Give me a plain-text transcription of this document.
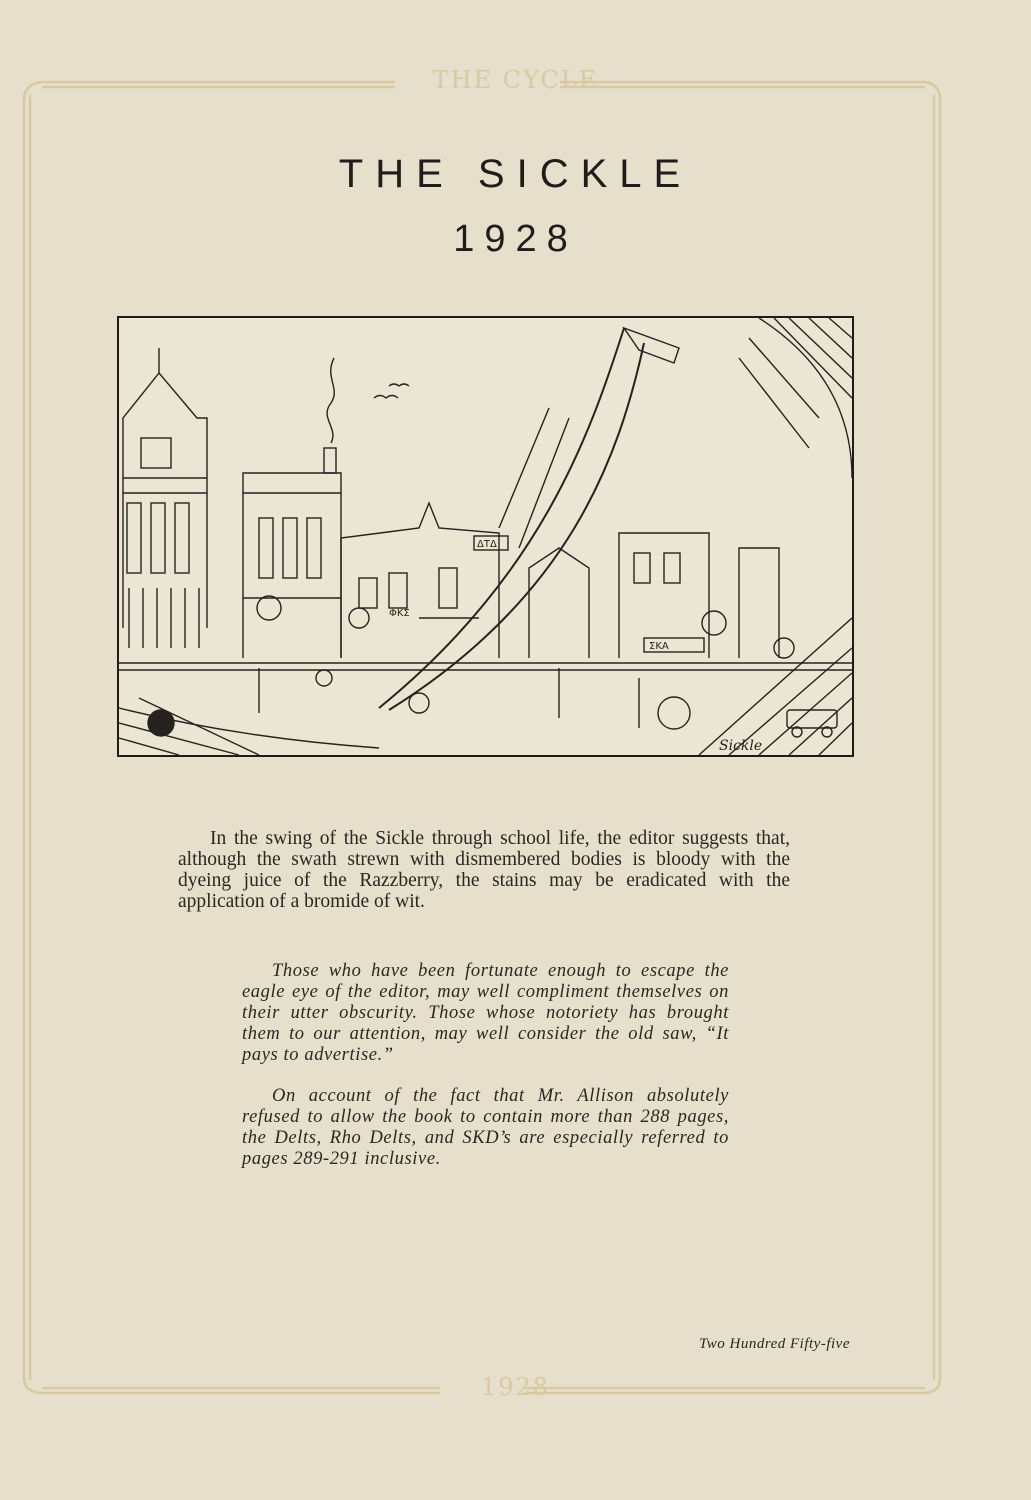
THE CYCLE
THE SICKLE
1928
ΔΤΔ
ΦΚΣ
ΣΚΑ
Sickle
In the swing of the Sickle through school life, the editor suggests that, although the swath strewn with dismembered bodies is bloody with the dyeing juice of the Razzberry, the stains may be eradicated with the application of a bromide of wit.
Those who have been fortunate enough to escape the eagle eye of the editor, may well compliment themselves on their utter obscurity. Those whose notoriety has brought them to our attention, may well consider the old saw, “It pays to advertise.”
On account of the fact that Mr. Allison absolutely refused to allow the book to contain more than 288 pages, the Delts, Rho Delts, and SKD’s are especially referred to pages 289-291 inclusive.
Two Hundred Fifty-five
1928
